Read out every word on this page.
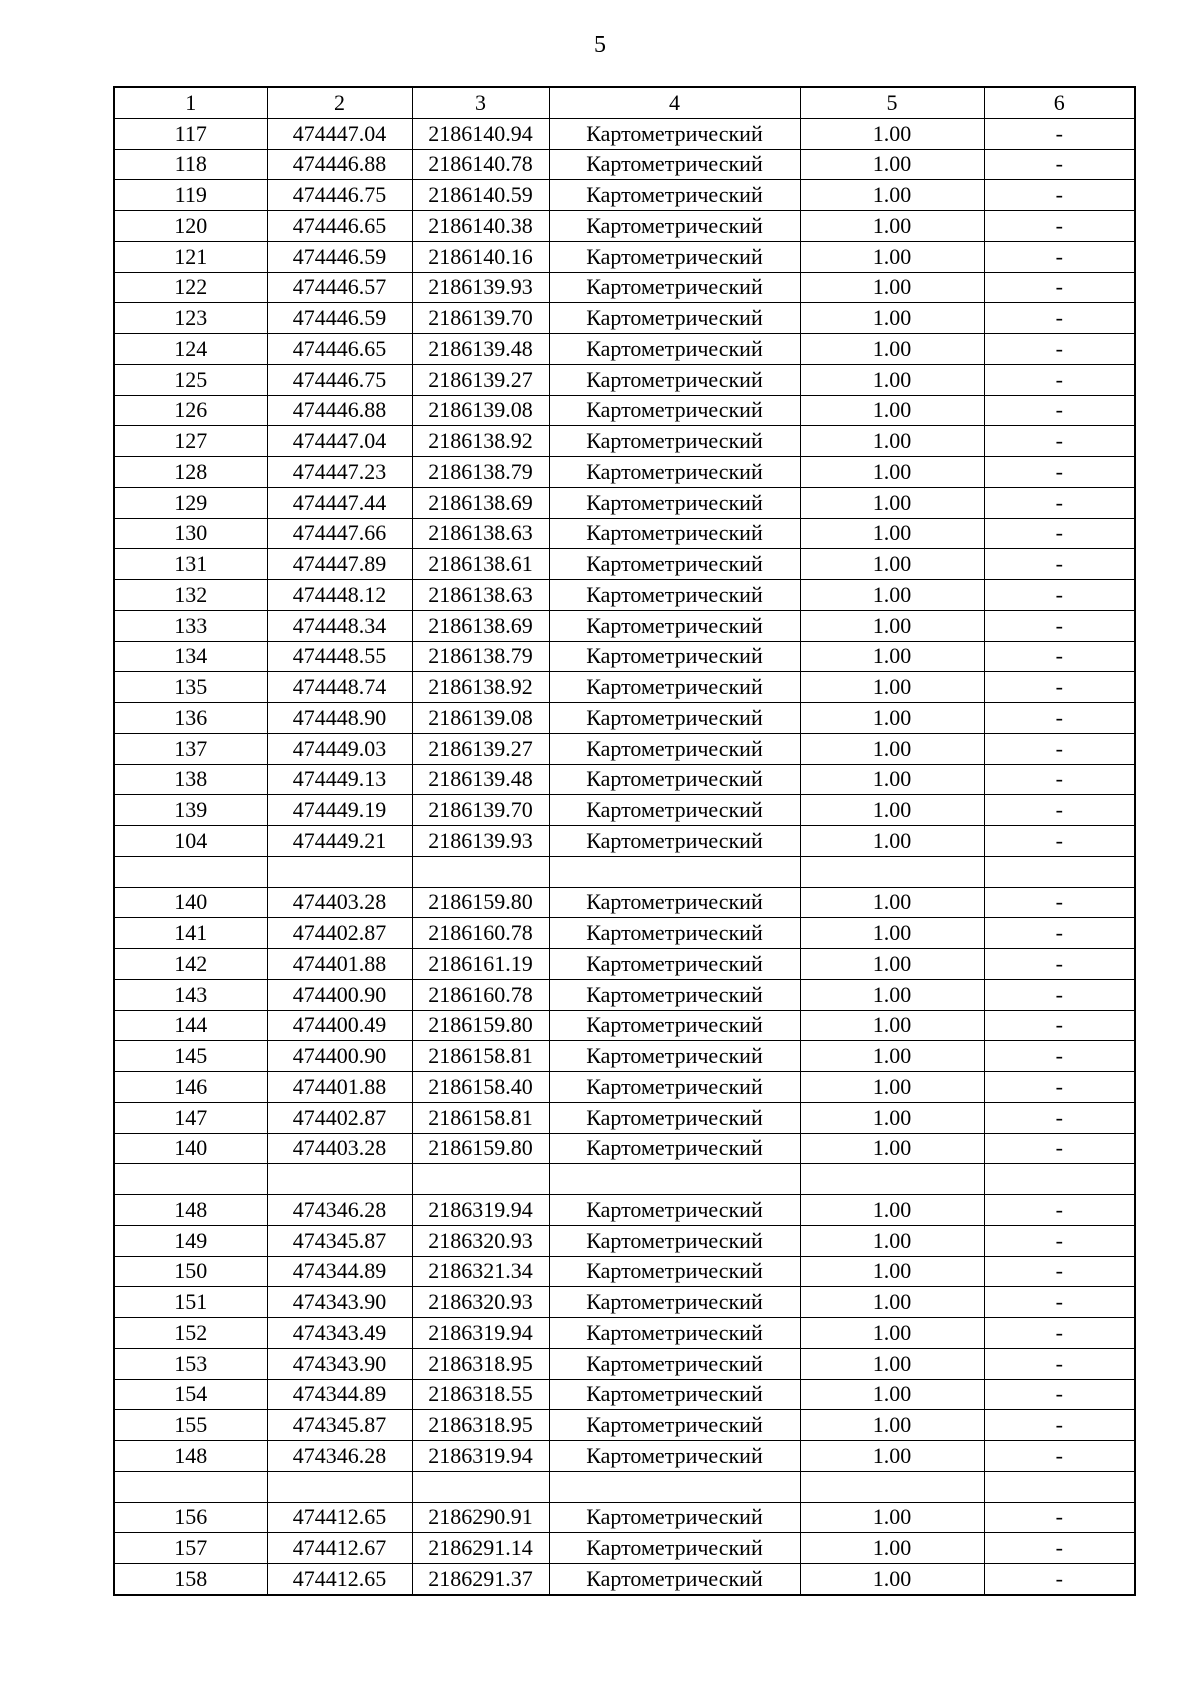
5
1	2	3	4	5	6
117	474447.04	2186140.94	Картометрический	1.00	-
118	474446.88	2186140.78	Картометрический	1.00	-
119	474446.75	2186140.59	Картометрический	1.00	-
120	474446.65	2186140.38	Картометрический	1.00	-
121	474446.59	2186140.16	Картометрический	1.00	-
122	474446.57	2186139.93	Картометрический	1.00	-
123	474446.59	2186139.70	Картометрический	1.00	-
124	474446.65	2186139.48	Картометрический	1.00	-
125	474446.75	2186139.27	Картометрический	1.00	-
126	474446.88	2186139.08	Картометрический	1.00	-
127	474447.04	2186138.92	Картометрический	1.00	-
128	474447.23	2186138.79	Картометрический	1.00	-
129	474447.44	2186138.69	Картометрический	1.00	-
130	474447.66	2186138.63	Картометрический	1.00	-
131	474447.89	2186138.61	Картометрический	1.00	-
132	474448.12	2186138.63	Картометрический	1.00	-
133	474448.34	2186138.69	Картометрический	1.00	-
134	474448.55	2186138.79	Картометрический	1.00	-
135	474448.74	2186138.92	Картометрический	1.00	-
136	474448.90	2186139.08	Картометрический	1.00	-
137	474449.03	2186139.27	Картометрический	1.00	-
138	474449.13	2186139.48	Картометрический	1.00	-
139	474449.19	2186139.70	Картометрический	1.00	-
104	474449.21	2186139.93	Картометрический	1.00	-

140	474403.28	2186159.80	Картометрический	1.00	-
141	474402.87	2186160.78	Картометрический	1.00	-
142	474401.88	2186161.19	Картометрический	1.00	-
143	474400.90	2186160.78	Картометрический	1.00	-
144	474400.49	2186159.80	Картометрический	1.00	-
145	474400.90	2186158.81	Картометрический	1.00	-
146	474401.88	2186158.40	Картометрический	1.00	-
147	474402.87	2186158.81	Картометрический	1.00	-
140	474403.28	2186159.80	Картометрический	1.00	-

148	474346.28	2186319.94	Картометрический	1.00	-
149	474345.87	2186320.93	Картометрический	1.00	-
150	474344.89	2186321.34	Картометрический	1.00	-
151	474343.90	2186320.93	Картометрический	1.00	-
152	474343.49	2186319.94	Картометрический	1.00	-
153	474343.90	2186318.95	Картометрический	1.00	-
154	474344.89	2186318.55	Картометрический	1.00	-
155	474345.87	2186318.95	Картометрический	1.00	-
148	474346.28	2186319.94	Картометрический	1.00	-

156	474412.65	2186290.91	Картометрический	1.00	-
157	474412.67	2186291.14	Картометрический	1.00	-
158	474412.65	2186291.37	Картометрический	1.00	-
